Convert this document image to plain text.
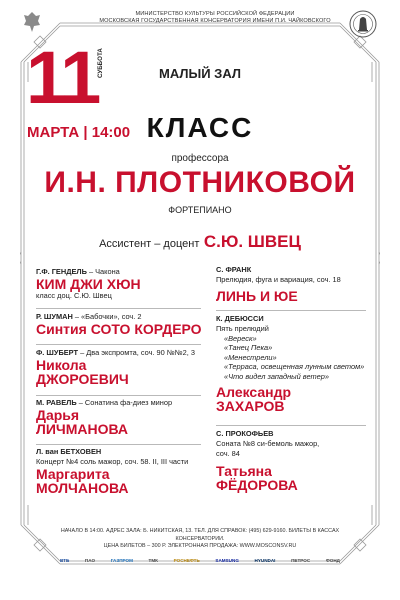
МИНИСТЕРСТВО КУЛЬТУРЫ РОССИЙСКОЙ ФЕДЕРАЦИИ
МОСКОВСКАЯ ГОСУДАРСТВЕННАЯ КОНСЕРВАТОРИЯ ИМЕНИ П.И. ЧАЙКОВСКОГО
11
СУББОТА
МАРТА | 14:00
МАЛЫЙ ЗАЛ
КЛАСС
профессора
И.Н. ПЛОТНИКОВОЙ
ФОРТЕПИАНО
Ассистент – доцент С.Ю. ШВЕЦ
Г.Ф. ГЕНДЕЛЬ – Чакона
КИМ ДЖИ ХЮН
класс доц. С.Ю. Швец
Р. ШУМАН – «Бабочки», соч. 2
Синтия СОТО КОРДЕРО
Ф. ШУБЕРТ – Два экспромта, соч. 90 №№2, 3
Никола
ДЖОРОЕВИЧ
М. РАВЕЛЬ – Сонатина фа-диез минор
Дарья
ЛИЧМАНОВА
Л. ван БЕТХОВЕН
Концерт №4 соль мажор, соч. 58. II, III части
Маргарита
МОЛЧАНОВА
С. ФРАНК
Прелюдия, фуга и вариация, соч. 18
ЛИНЬ И ЮЕ
К. ДЕБЮССИ
Пять прелюдий
«Вереск»
«Танец Пека»
«Менестрели»
«Терраса, освещенная лунным светом»
«Что видел западный ветер»
Александр
ЗАХАРОВ
С. ПРОКОФЬЕВ
Соната №8 си-бемоль мажор,
соч. 84
Татьяна
ФЁДОРОВА
НАЧАЛО В 14:00. АДРЕС ЗАЛА: Б. НИКИТСКАЯ, 13. ТЕЛ. ДЛЯ СПРАВОК: (495) 629-9160. БИЛЕТЫ В КАССАХ КОНСЕРВАТОРИИ.
ЦЕНА БИЛЕТОВ – 300 Р. ЭЛЕКТРОННАЯ ПРОДАЖА: WWW.MOSCONSV.RU
ВТБ	ПАО	ГАЗПРОМ	ТМК	РОСНЕФТЬ	SAMSUNG	HYUNDAI	ПЕТРОС	ФОНД
